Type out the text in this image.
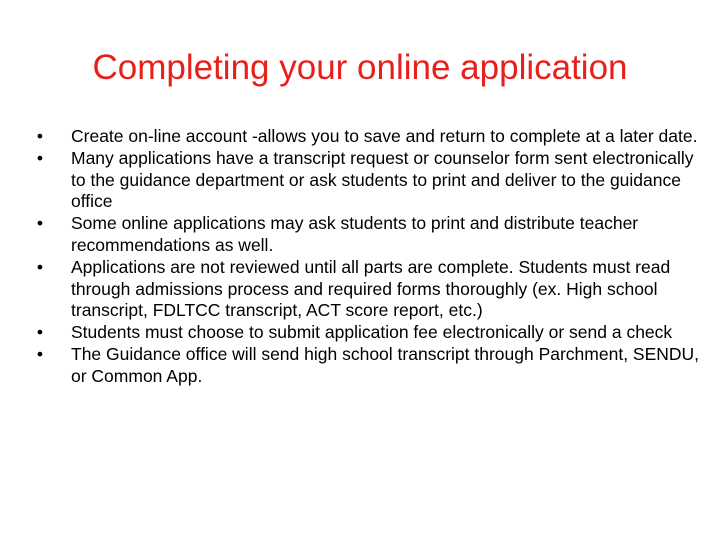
Completing your online application
•	Create on-line account -allows you to save and return to complete at a later date.
•	Many applications have a transcript request or counselor form sent electronically to the guidance department or ask students to print and deliver to the guidance office
•	Some online applications may ask students to print and distribute teacher recommendations as well.
•	Applications are not reviewed until all parts are complete. Students must read through admissions process and required forms thoroughly (ex. High school transcript, FDLTCC transcript, ACT score report, etc.)
•	Students must choose to submit application fee electronically or send a check
•	The Guidance office will send high school transcript through Parchment, SENDU, or Common App.
